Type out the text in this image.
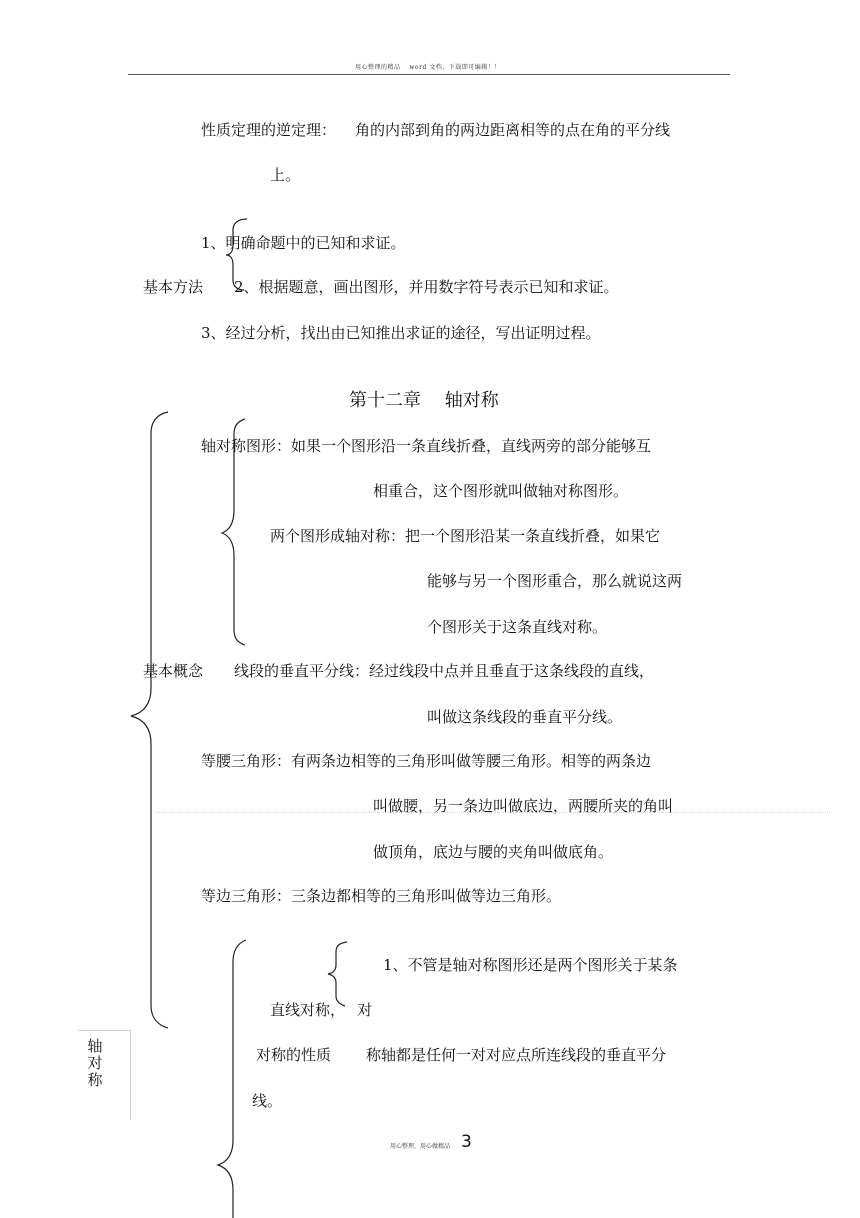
用心整理的精品　 word 文档，下载即可编辑！！
性质定理的逆定理： 角的内部到角的两边距离相等的点在角的平分线
上。
1、明确命题中的已知和求证。
基本方法 2、根据题意，画出图形，并用数字符号表示已知和求证。
3、经过分析，找出由已知推出求证的途径，写出证明过程。
第十二章　 轴对称
轴对称图形：如果一个图形沿一条直线折叠，直线两旁的部分能够互
相重合，这个图形就叫做轴对称图形。
两个图形成轴对称：把一个图形沿某一条直线折叠，如果它
能够与另一个图形重合，那么就说这两
个图形关于这条直线对称。
基本概念 线段的垂直平分线：经过线段中点并且垂直于这条线段的直线，
叫做这条线段的垂直平分线。
等腰三角形：有两条边相等的三角形叫做等腰三角形。相等的两条边
叫做腰，另一条边叫做底边，两腰所夹的角叫
做顶角，底边与腰的夹角叫做底角。
等边三角形：三条边都相等的三角形叫做等边三角形。
1、不管是轴对称图形还是两个图形关于某条
直线对称，　 对
对称的性质 称轴都是任何一对对应点所连线段的垂直平分
线。
轴对称
用心整理，用心做精品 3
